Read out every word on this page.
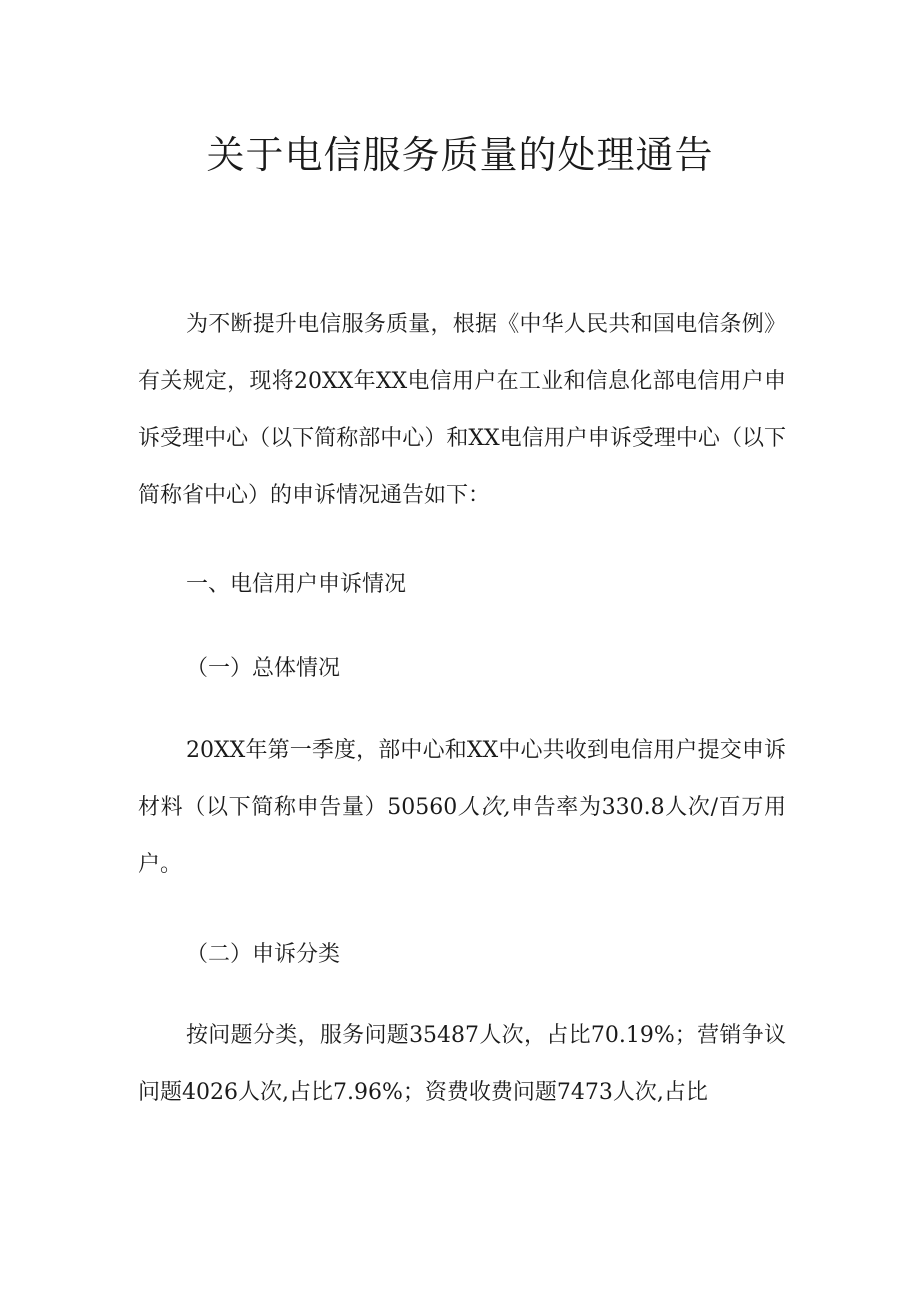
关于电信服务质量的处理通告

为不断提升电信服务质量，根据《中华人民共和国电信条例》有关规定，现将20XX年XX电信用户在工业和信息化部电信用户申诉受理中心（以下简称部中心）和XX电信用户申诉受理中心（以下简称省中心）的申诉情况通告如下：

一、电信用户申诉情况

（一）总体情况

20XX年第一季度，部中心和XX中心共收到电信用户提交申诉材料（以下简称申告量）50560人次,申告率为330.8人次/百万用户。

（二）申诉分类

按问题分类，服务问题35487人次，占比70.19%；营销争议问题4026人次,占比7.96%；资费收费问题7473人次,占比
